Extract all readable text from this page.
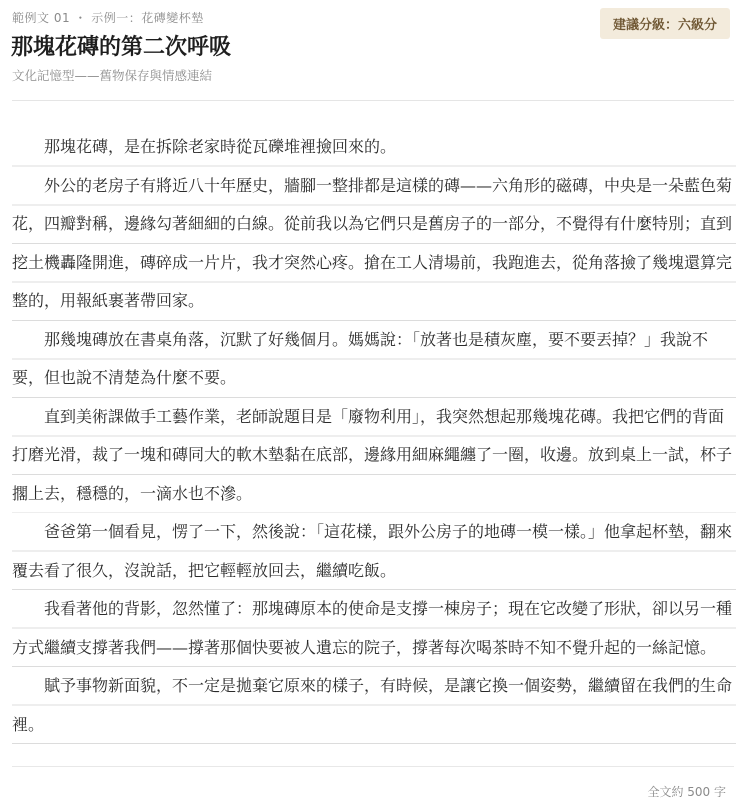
範例文 01 ・ 示例一：花磚變杯墊	建議分級：六級分
那塊花磚的第二次呼吸
文化記憶型——舊物保存與情感連結

那塊花磚，是在拆除老家時從瓦礫堆裡撿回來的。

外公的老房子有將近八十年歷史，牆腳一整排都是這樣的磚——六角形的磁磚，中央是一朵藍色菊花，四瓣對稱，邊緣勾著細細的白線。從前我以為它們只是舊房子的一部分，不覺得有什麼特別；直到挖土機轟隆開進，磚碎成一片片，我才突然心疼。搶在工人清場前，我跑進去，從角落撿了幾塊還算完整的，用報紙裹著帶回家。

那幾塊磚放在書桌角落，沉默了好幾個月。媽媽說：「放著也是積灰塵，要不要丟掉？」我說不要，但也說不清楚為什麼不要。

直到美術課做手工藝作業，老師說題目是「廢物利用」，我突然想起那幾塊花磚。我把它們的背面打磨光滑，裁了一塊和磚同大的軟木墊黏在底部，邊緣用細麻繩纏了一圈，收邊。放到桌上一試，杯子擱上去，穩穩的，一滴水也不滲。

爸爸第一個看見，愣了一下，然後說：「這花樣，跟外公房子的地磚一模一樣。」他拿起杯墊，翻來覆去看了很久，沒說話，把它輕輕放回去，繼續吃飯。

我看著他的背影，忽然懂了：那塊磚原本的使命是支撐一棟房子；現在它改變了形狀，卻以另一種方式繼續支撐著我們——撐著那個快要被人遺忘的院子，撐著每次喝茶時不知不覺升起的一絲記憶。

賦予事物新面貌，不一定是拋棄它原來的樣子，有時候，是讓它換一個姿勢，繼續留在我們的生命裡。

全文約 500 字
